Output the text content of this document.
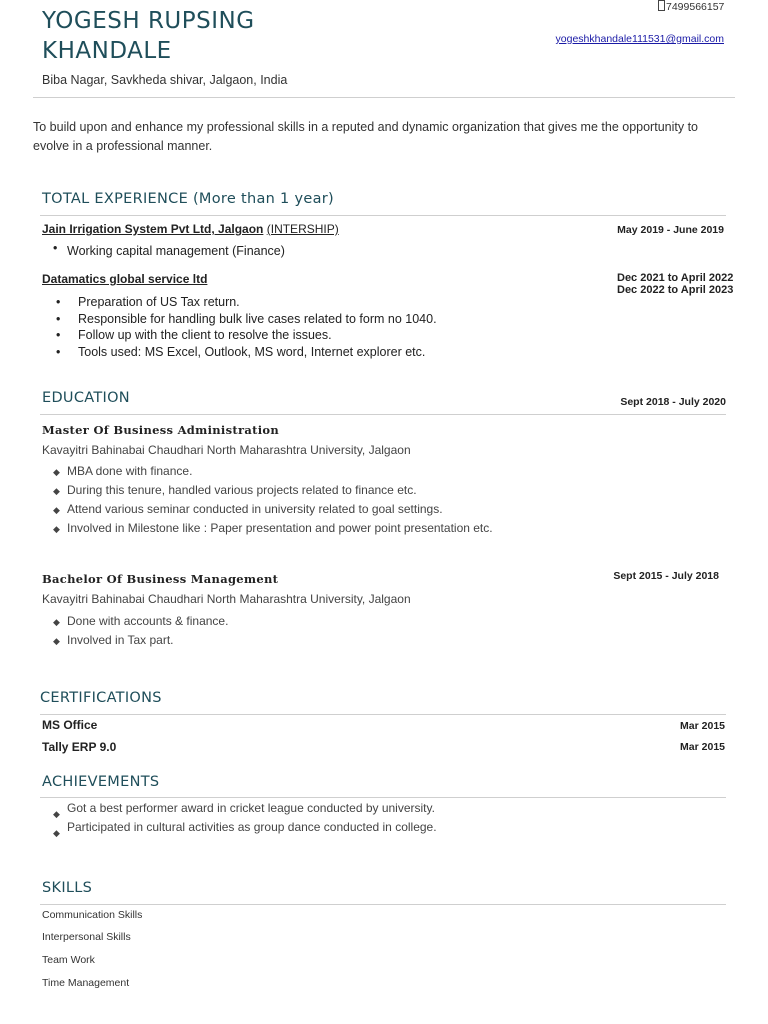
YOGESH RUPSING
KHANDALE
7499566157
yogeshkhandale111531@gmail.com
Biba Nagar, Savkheda shivar, Jalgaon, India
To build upon and enhance my professional skills in a reputed and dynamic organization that gives me the opportunity to evolve in a professional manner.
TOTAL EXPERIENCE (More than 1 year)
Jain Irrigation System Pvt Ltd, Jalgaon (INTERSHIP)	May 2019 - June 2019
• Working capital management (Finance)
Datamatics global service ltd	Dec 2021 to April 2022
Dec 2022 to April 2023
• Preparation of US Tax return.
• Responsible for handling bulk live cases related to form no 1040.
• Follow up with the client to resolve the issues.
• Tools used: MS Excel, Outlook, MS word, Internet explorer etc.
EDUCATION	Sept 2018 - July 2020
Master Of Business Administration
Kavayitri Bahinabai Chaudhari North Maharashtra University, Jalgaon
◆ MBA done with finance.
◆ During this tenure, handled various projects related to finance etc.
◆ Attend various seminar conducted in university related to goal settings.
◆ Involved in Milestone like : Paper presentation and power point presentation etc.
Bachelor Of Business Management	Sept 2015 - July 2018
Kavayitri Bahinabai Chaudhari North Maharashtra University, Jalgaon
◆ Done with accounts & finance.
◆ Involved in Tax part.
CERTIFICATIONS
MS Office	Mar 2015
Tally ERP 9.0	Mar 2015
ACHIEVEMENTS
◆ Got a best performer award in cricket league conducted by university.
◆ Participated in cultural activities as group dance conducted in college.
SKILLS
Communication Skills
Interpersonal Skills
Team Work
Time Management
